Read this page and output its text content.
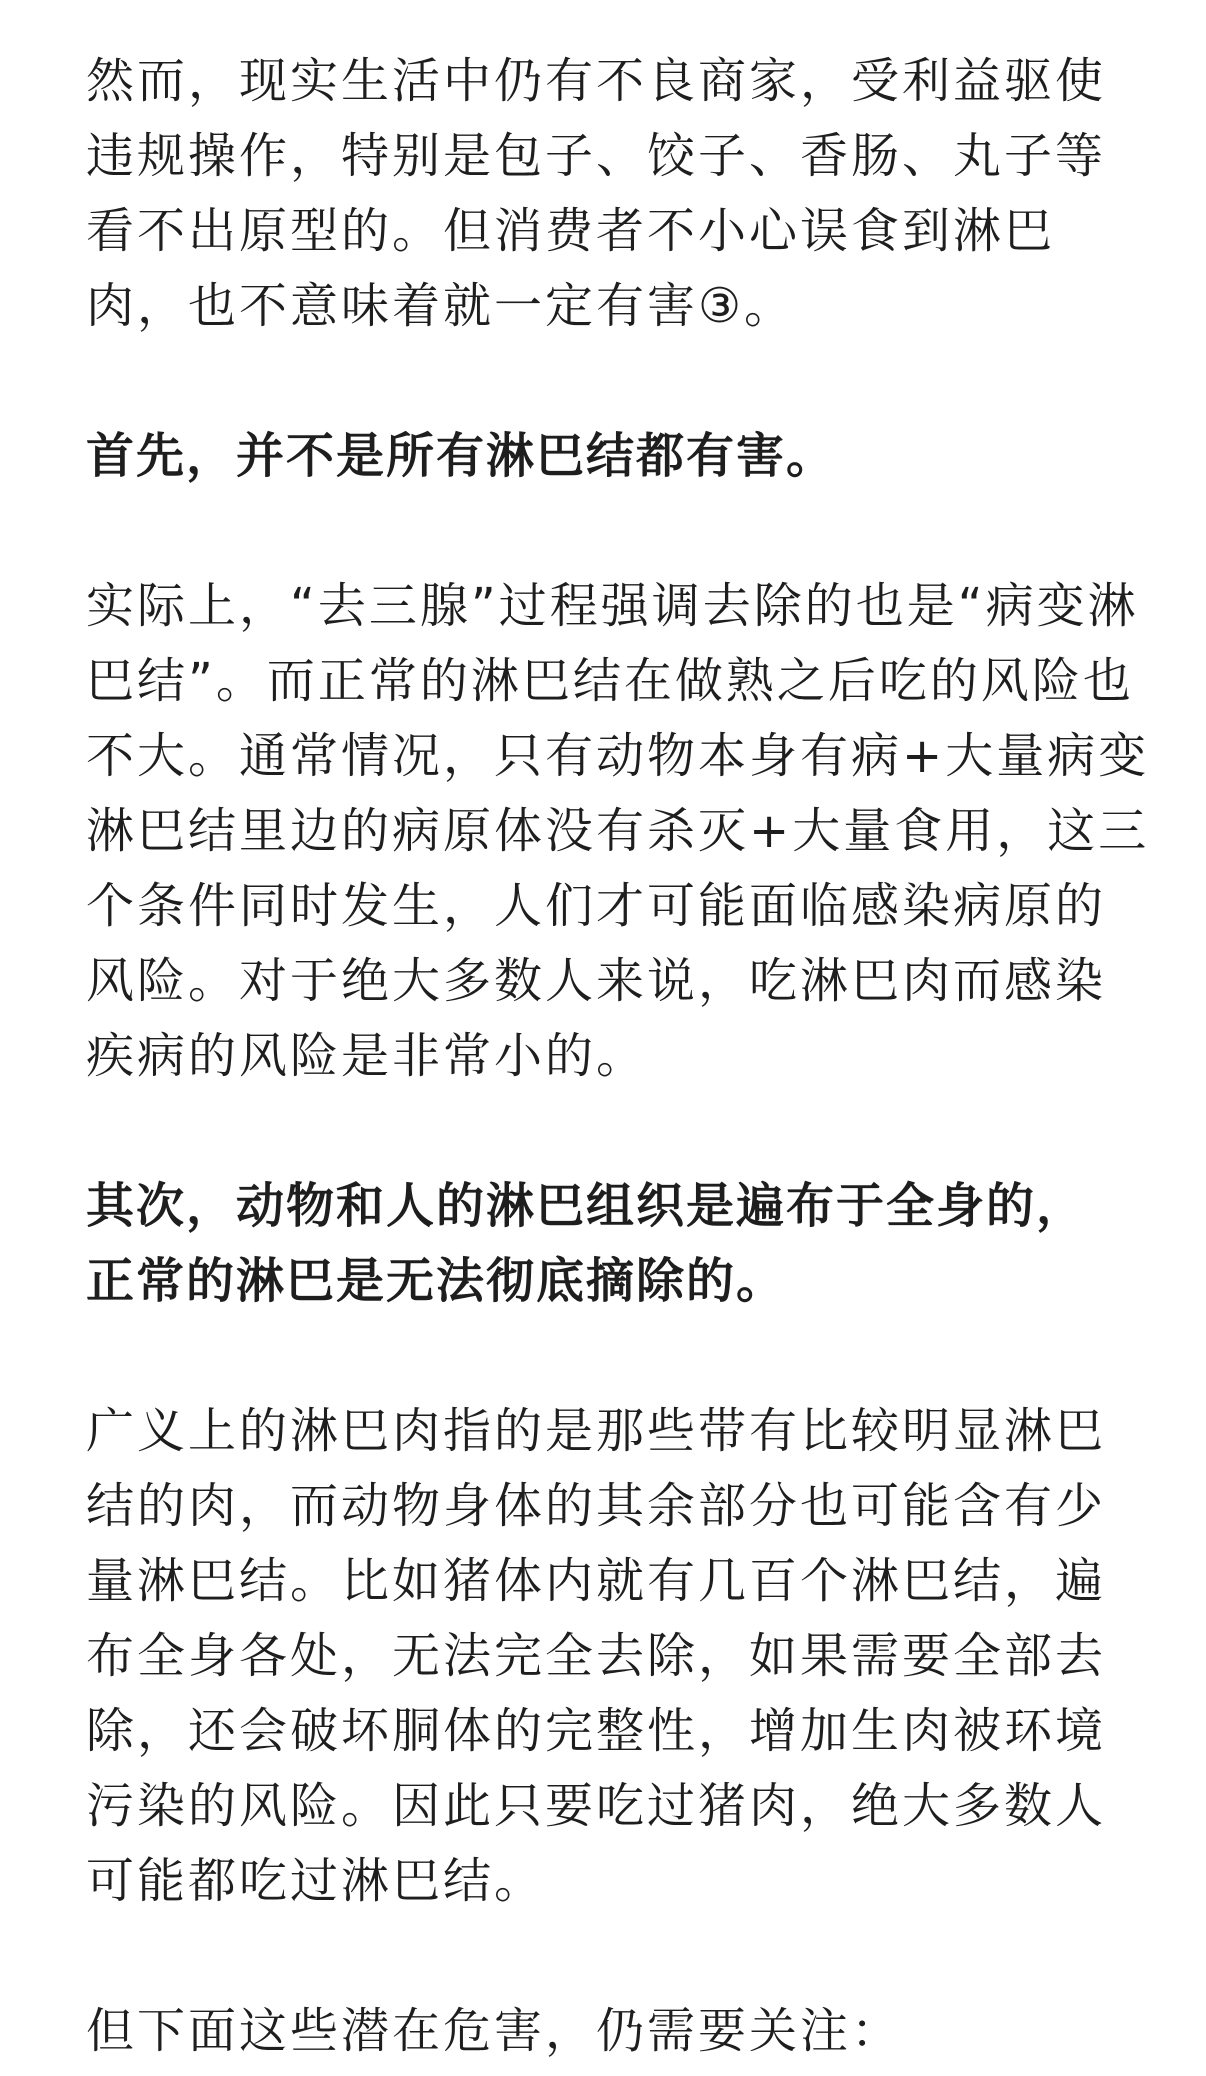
然而，现实生活中仍有不良商家，受利益驱使
违规操作，特别是包子、饺子、香肠、丸子等
看不出原型的。但消费者不小心误食到淋巴
肉，也不意味着就一定有害③。

首先，并不是所有淋巴结都有害。

实际上，“去三腺”过程强调去除的也是“病变淋
巴结”。而正常的淋巴结在做熟之后吃的风险也
不大。通常情况，只有动物本身有病+大量病变
淋巴结里边的病原体没有杀灭+大量食用，这三
个条件同时发生，人们才可能面临感染病原的
风险。对于绝大多数人来说，吃淋巴肉而感染
疾病的风险是非常小的。

其次，动物和人的淋巴组织是遍布于全身的，
正常的淋巴是无法彻底摘除的。

广义上的淋巴肉指的是那些带有比较明显淋巴
结的肉，而动物身体的其余部分也可能含有少
量淋巴结。比如猪体内就有几百个淋巴结，遍
布全身各处，无法完全去除，如果需要全部去
除，还会破坏胴体的完整性，增加生肉被环境
污染的风险。因此只要吃过猪肉，绝大多数人
可能都吃过淋巴结。

但下面这些潜在危害，仍需要关注：
